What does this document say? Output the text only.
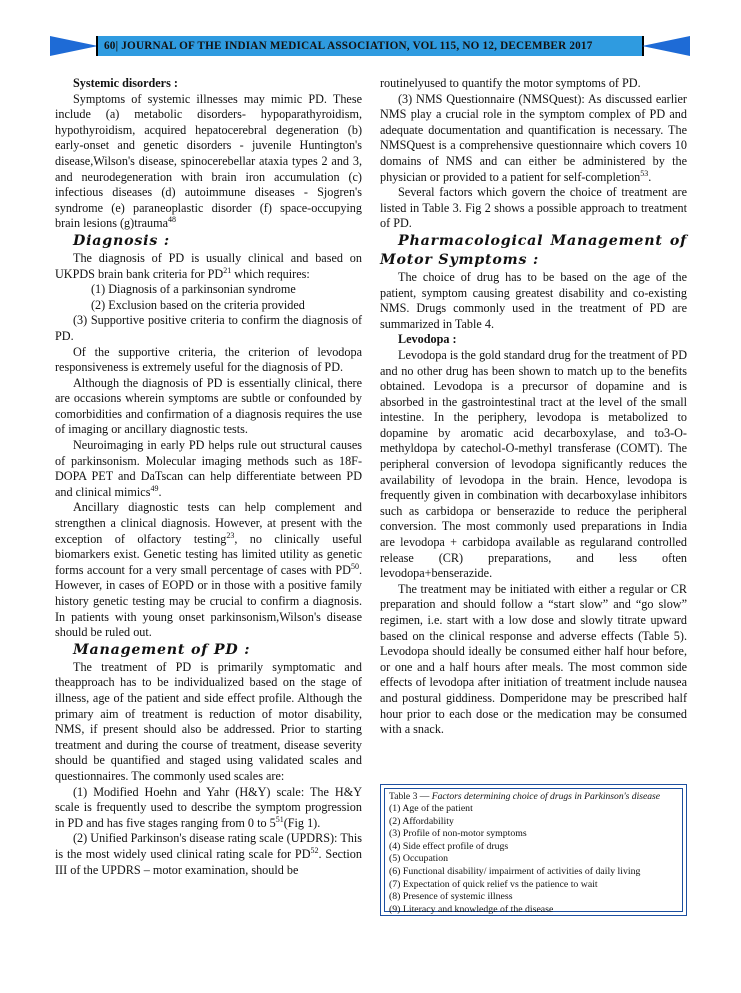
60| JOURNAL OF THE INDIAN MEDICAL ASSOCIATION, VOL 115, NO 12, DECEMBER 2017

Systemic disorders :

Symptoms of systemic illnesses may mimic PD. These include (a) metabolic disorders- hypoparathyroidism, hypothyroidism, acquired hepatocerebral degeneration (b) early-onset and genetic disorders - juvenile Huntington's disease,Wilson's disease, spinocerebellar ataxia types 2 and 3, and neurodegeneration with brain iron accumulation (c) infectious diseases (d) autoimmune diseases - Sjogren's syndrome (e) paraneoplastic disorder (f) space-occupying brain lesions (g)trauma$^{48}$

Diagnosis :

The diagnosis of PD is usually clinical and based on UKPDS brain bank criteria for PD$^{21}$ which requires:

(1) Diagnosis of a parkinsonian syndrome

(2) Exclusion based on the criteria provided

(3) Supportive positive criteria to confirm the diagnosis of PD.

Of the supportive criteria, the criterion of levodopa responsiveness is extremely useful for the diagnosis of PD.

Although the diagnosis of PD is essentially clinical, there are occasions wherein symptoms are subtle or confounded by comorbidities and confirmation of a diagnosis requires the use of imaging or ancillary diagnostic tests.

Neuroimaging in early PD helps rule out structural causes of parkinsonism. Molecular imaging methods such as 18F-DOPA PET and DaTscan can help differentiate between PD and clinical mimics$^{49}$.

Ancillary diagnostic tests can help complement and strengthen a clinical diagnosis. However, at present with the exception of olfactory testing$^{23}$, no clinically useful biomarkers exist. Genetic testing has limited utility as genetic forms account for a very small percentage of cases with PD$^{50}$. However, in cases of EOPD or in those with a positive family history genetic testing may be crucial to confirm a diagnosis. In patients with young onset parkinsonism,Wilson's disease should be ruled out.

Management of PD :

The treatment of PD is primarily symptomatic and theapproach has to be individualized based on the stage of illness, age of the patient and side effect profile. Although the primary aim of treatment is reduction of motor disability, NMS, if present should also be addressed. Prior to starting treatment and during the course of treatment, disease severity should be quantified and staged using validated scales and questionnaires. The commonly used scales are:

(1) Modified Hoehn and Yahr (H&Y) scale: The H&Y scale is frequently used to describe the symptom progression in PD and has five stages ranging from 0 to $5^{51}(Fig$ 1).

(2) Unified Parkinson's disease rating scale (UPDRS): This is the most widely used clinical rating scale for PD$^{52}$. Section III of the UPDRS – motor examination, should be

routinelyused to quantify the motor symptoms of PD.

(3) NMS Questionnaire (NMSQuest): As discussed earlier NMS play a crucial role in the symptom complex of PD and adequate documentation and quantification is necessary. The NMSQuest is a comprehensive questionnaire which covers 10 domains of NMS and can either be administered by the physician or provided to a patient for self-completion$^{53}$.

Several factors which govern the choice of treatment are listed in Table 3. Fig 2 shows a possible approach to treatment of PD.

Pharmacological Management of Motor Symptoms :

The choice of drug has to be based on the age of the patient, symptom causing greatest disability and co-existing NMS. Drugs commonly used in the treatment of PD are summarized in Table 4.

Levodopa :

Levodopa is the gold standard drug for the treatment of PD and no other drug has been shown to match up to the benefits obtained. Levodopa is a precursor of dopamine and is absorbed in the gastrointestinal tract at the level of the small intestine. In the periphery, levodopa is metabolized to dopamine by aromatic acid decarboxylase, and to3-O-methyldopa by catechol-O-methyl transferase (COMT). The peripheral conversion of levodopa significantly reduces the availability of levodopa in the brain. Hence, levodopa is frequently given in combination with decarboxylase inhibitors such as carbidopa or benserazide to reduce the peripheral conversion. The most commonly used preparations in India are levodopa + carbidopa available as regularand controlled release (CR) preparations, and less often levodopa+benserazide.

The treatment may be initiated with either a regular or CR preparation and should follow a “start slow” and “go slow” regimen, i.e. start with a low dose and slowly titrate upward based on the clinical response and adverse effects (Table 5). Levodopa should ideally be consumed either half hour before, or one and a half hours after meals. The most common side effects of levodopa after initiation of treatment include nausea and postural giddiness. Domperidone may be prescribed half hour prior to each dose or the medication may be consumed with a snack.

Table 3 — Factors determining choice of drugs in Parkinson's disease
(1) Age of the patient
(2) Affordability
(3) Profile of non-motor symptoms
(4) Side effect profile of drugs
(5) Occupation
(6) Functional disability/ impairment of activities of daily living
(7) Expectation of quick relief vs the patience to wait
(8) Presence of systemic illness
(9) Literacy and knowledge of the disease
